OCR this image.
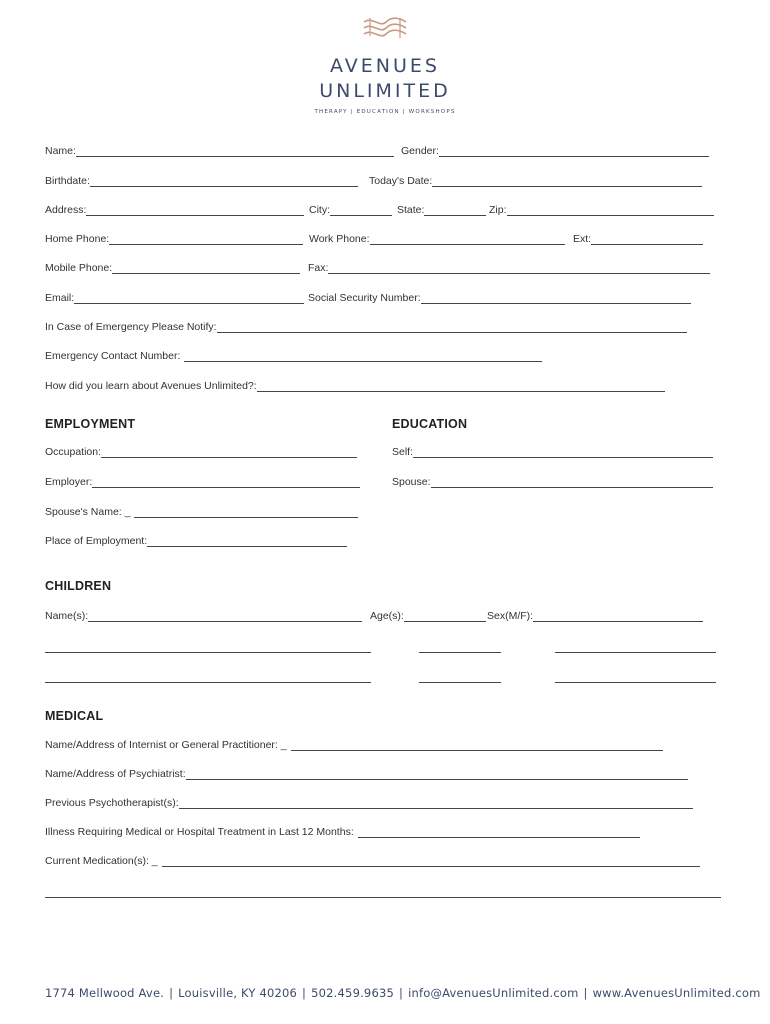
AVENUES
UNLIMITED
THERAPY | EDUCATION | WORKSHOPS
Name:	Gender:
Birthdate:	Today's Date:
Address:	City:	State:	Zip:
Home Phone:	Work Phone:	Ext:
Mobile Phone:	Fax:
Email:	Social Security Number:
In Case of Emergency Please Notify:
Emergency Contact Number:
How did you learn about Avenues Unlimited?:
EMPLOYMENT	EDUCATION
Occupation:	Self:
Employer:	Spouse:
Spouse's Name: _
Place of Employment:
CHILDREN
Name(s):	Age(s):	Sex(M/F):
MEDICAL
Name/Address of Internist or General Practitioner: _
Name/Address of Psychiatrist:
Previous Psychotherapist(s):
Illness Requiring Medical or Hospital Treatment in Last 12 Months:
Current Medication(s): _
1774 Mellwood Ave. | Louisville, KY 40206 | 502.459.9635 | info@AvenuesUnlimited.com | www.AvenuesUnlimited.com
